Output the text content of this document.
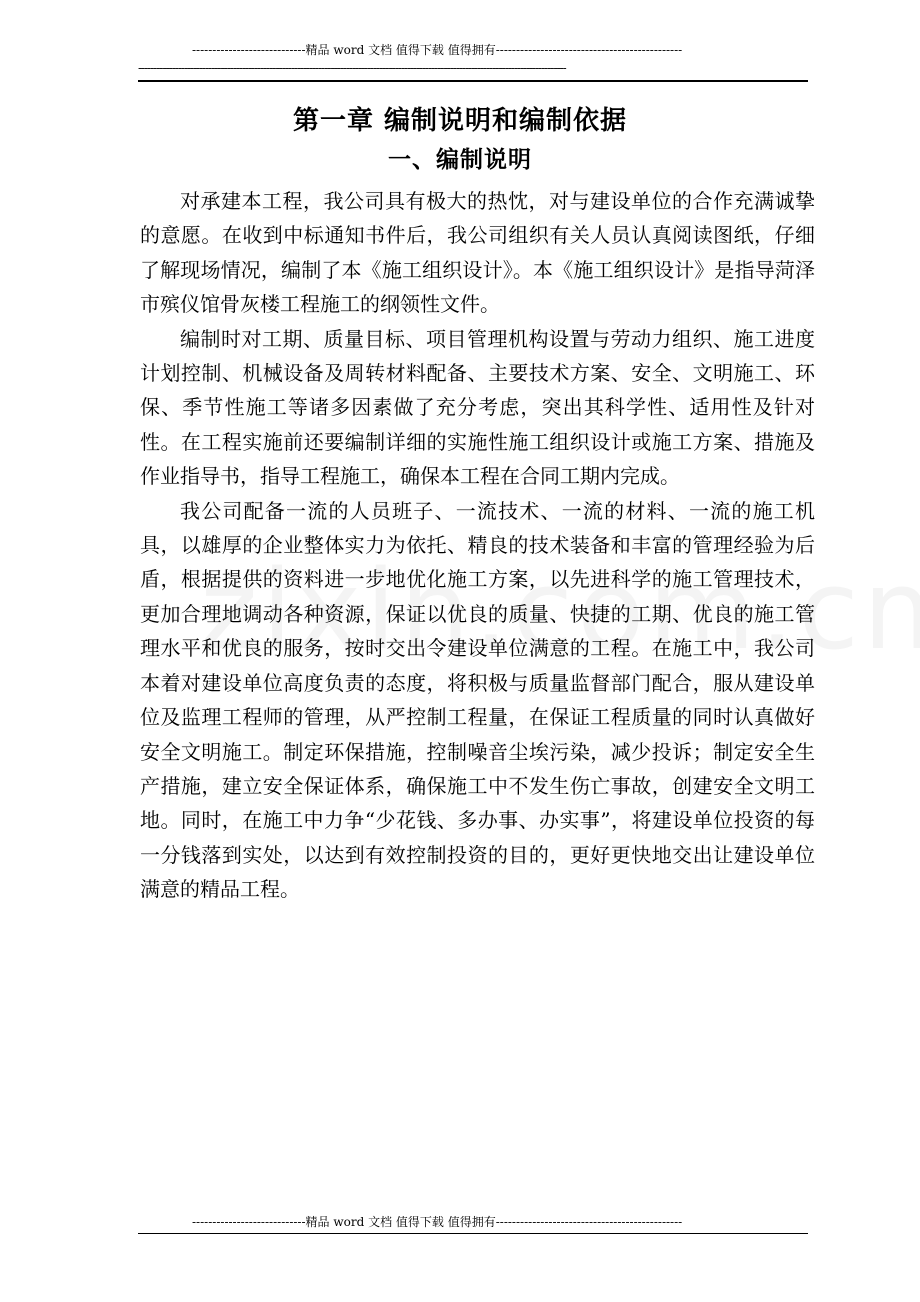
----------------------------精品 word 文档 值得下载 值得拥有----------------------------------------------
--------------------------------------------------------------------------------------------------------------------------------------------
第一章 编制说明和编制依据
一、编制说明

对承建本工程，我公司具有极大的热忱，对与建设单位的合作充满诚挚的意愿。在收到中标通知书件后，我公司组织有关人员认真阅读图纸，仔细了解现场情况，编制了本《施工组织设计》。本《施工组织设计》是指导菏泽市殡仪馆骨灰楼工程施工的纲领性文件。

编制时对工期、质量目标、项目管理机构设置与劳动力组织、施工进度计划控制、机械设备及周转材料配备、主要技术方案、安全、文明施工、环保、季节性施工等诸多因素做了充分考虑，突出其科学性、适用性及针对性。在工程实施前还要编制详细的实施性施工组织设计或施工方案、措施及作业指导书，指导工程施工，确保本工程在合同工期内完成。

我公司配备一流的人员班子、一流技术、一流的材料、一流的施工机具，以雄厚的企业整体实力为依托、精良的技术装备和丰富的管理经验为后盾，根据提供的资料进一步地优化施工方案，以先进科学的施工管理技术，更加合理地调动各种资源，保证以优良的质量、快捷的工期、优良的施工管理水平和优良的服务，按时交出令建设单位满意的工程。在施工中，我公司本着对建设单位高度负责的态度，将积极与质量监督部门配合，服从建设单位及监理工程师的管理，从严控制工程量，在保证工程质量的同时认真做好安全文明施工。制定环保措施，控制噪音尘埃污染，减少投诉；制定安全生产措施，建立安全保证体系，确保施工中不发生伤亡事故，创建安全文明工地。同时，在施工中力争“少花钱、多办事、办实事”，将建设单位投资的每一分钱落到实处，以达到有效控制投资的目的，更好更快地交出让建设单位满意的精品工程。

----------------------------精品 word 文档 值得下载 值得拥有----------------------------------------------
